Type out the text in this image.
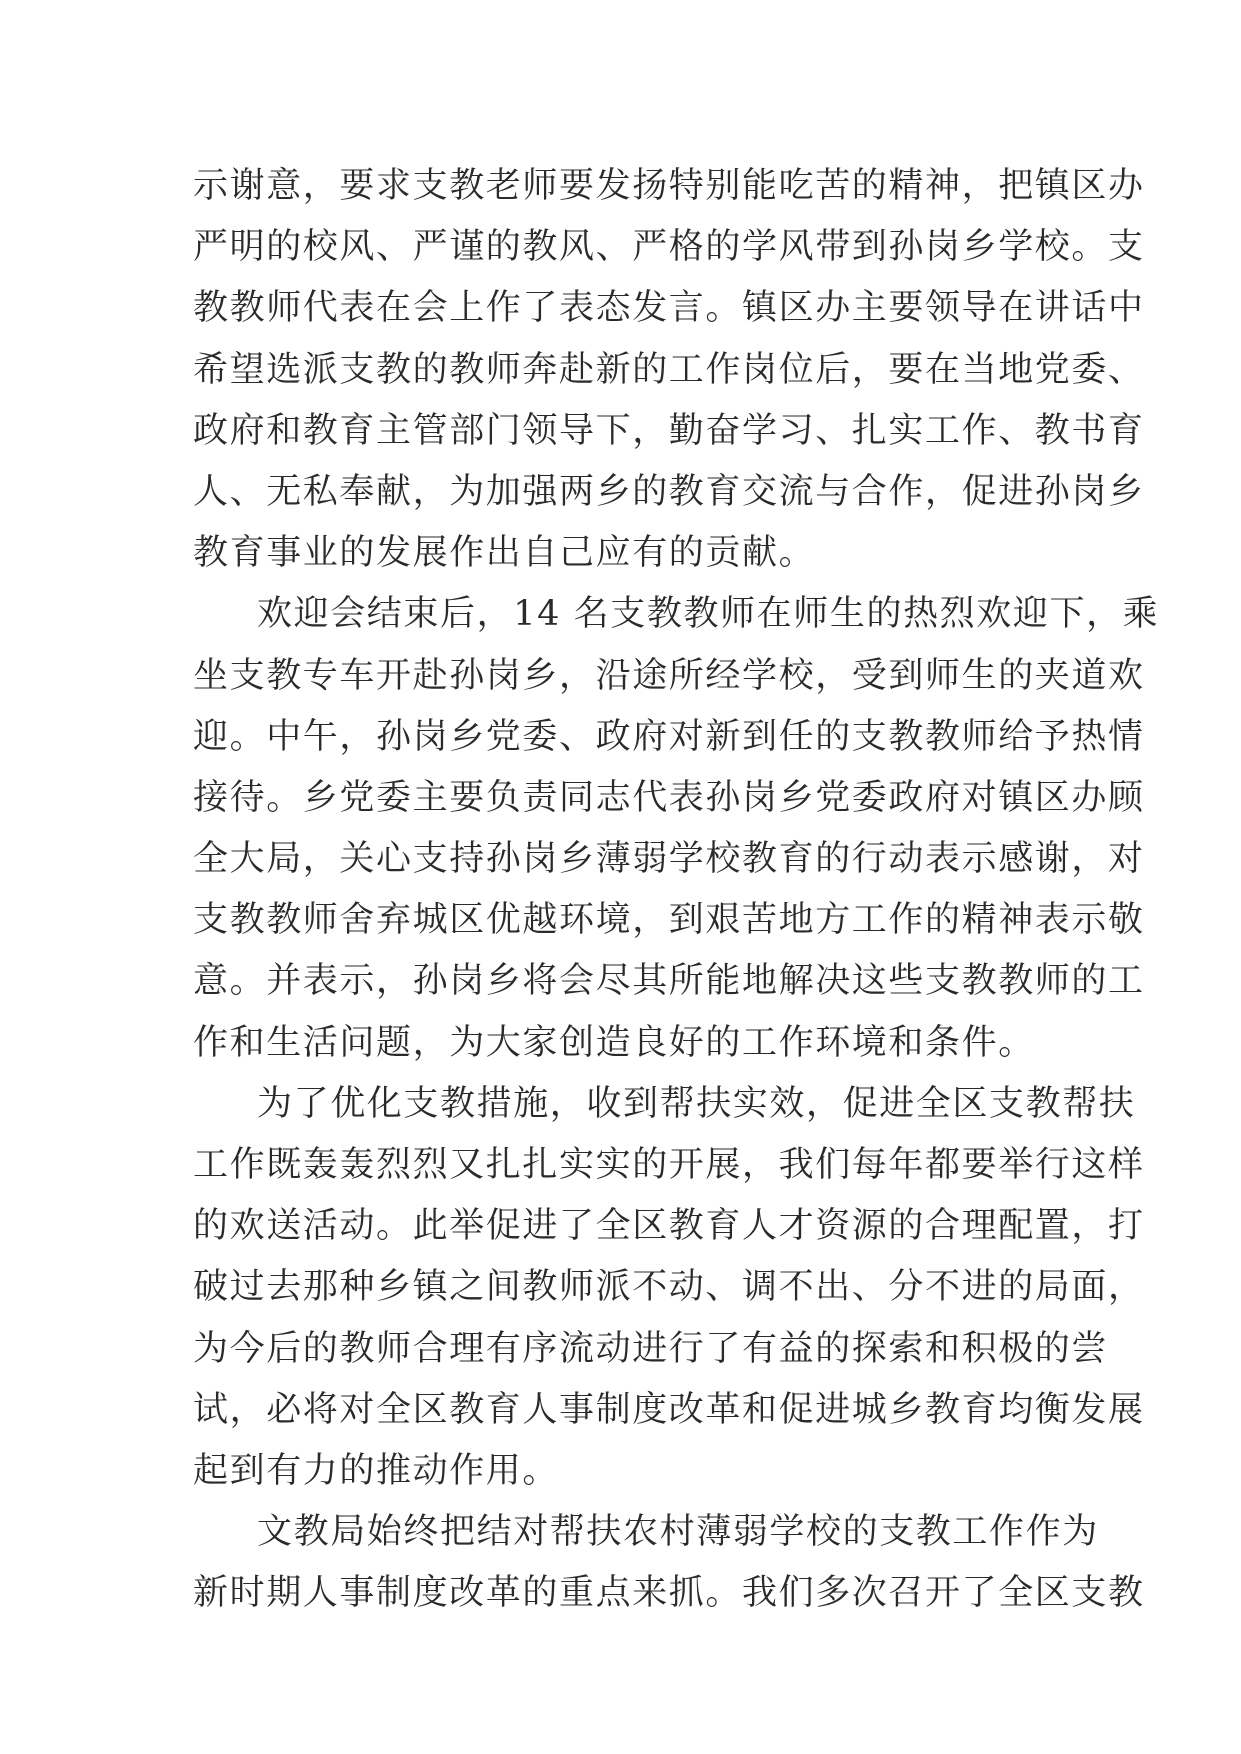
示谢意，要求支教老师要发扬特别能吃苦的精神，把镇区办
严明的校风、严谨的教风、严格的学风带到孙岗乡学校。支
教教师代表在会上作了表态发言。镇区办主要领导在讲话中
希望选派支教的教师奔赴新的工作岗位后，要在当地党委、
政府和教育主管部门领导下，勤奋学习、扎实工作、教书育
人、无私奉献，为加强两乡的教育交流与合作，促进孙岗乡
教育事业的发展作出自己应有的贡献。
欢迎会结束后，14 名支教教师在师生的热烈欢迎下，乘
坐支教专车开赴孙岗乡，沿途所经学校，受到师生的夹道欢
迎。中午，孙岗乡党委、政府对新到任的支教教师给予热情
接待。乡党委主要负责同志代表孙岗乡党委政府对镇区办顾
全大局，关心支持孙岗乡薄弱学校教育的行动表示感谢，对
支教教师舍弃城区优越环境，到艰苦地方工作的精神表示敬
意。并表示，孙岗乡将会尽其所能地解决这些支教教师的工
作和生活问题，为大家创造良好的工作环境和条件。
为了优化支教措施，收到帮扶实效，促进全区支教帮扶
工作既轰轰烈烈又扎扎实实的开展，我们每年都要举行这样
的欢送活动。此举促进了全区教育人才资源的合理配置，打
破过去那种乡镇之间教师派不动、调不出、分不进的局面，
为今后的教师合理有序流动进行了有益的探索和积极的尝
试，必将对全区教育人事制度改革和促进城乡教育均衡发展
起到有力的推动作用。
文教局始终把结对帮扶农村薄弱学校的支教工作作为
新时期人事制度改革的重点来抓。我们多次召开了全区支教
